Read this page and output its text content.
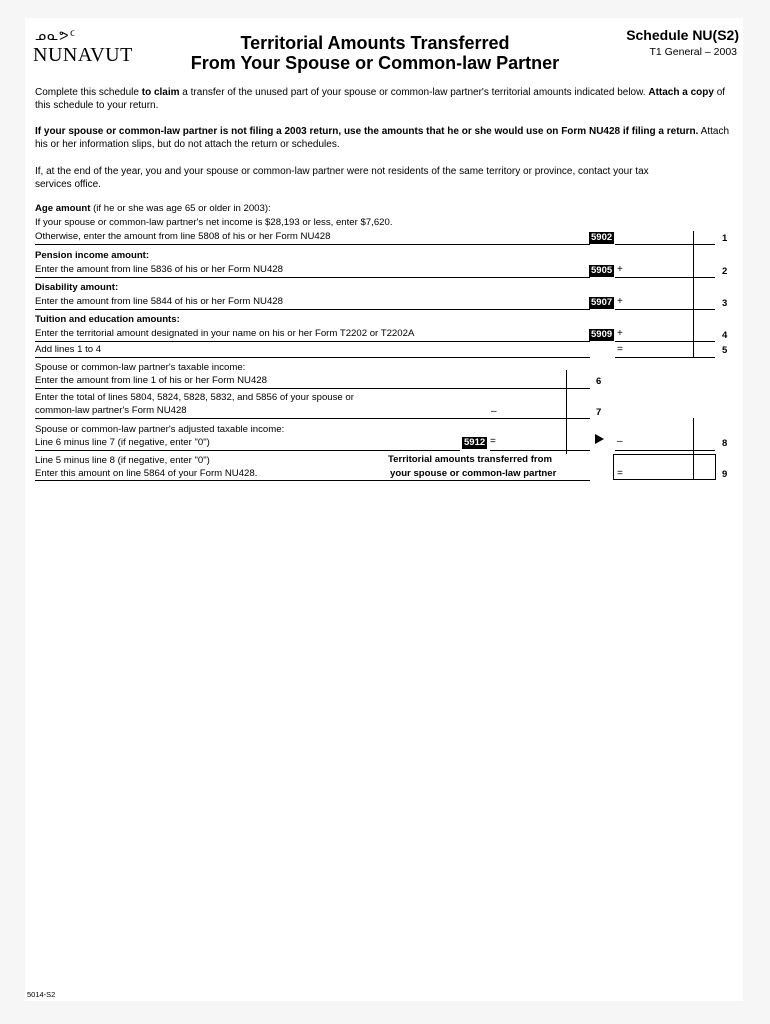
ᓄᓇᕗᑦ
NUNAVUT
Territorial Amounts Transferred
From Your Spouse or Common-law Partner
Schedule NU(S2)
T1 General – 2003
Complete this schedule to claim a transfer of the unused part of your spouse or common-law partner's territorial amounts indicated below. Attach a copy of this schedule to your return.
If your spouse or common-law partner is not filing a 2003 return, use the amounts that he or she would use on Form NU428 if filing a return. Attach his or her information slips, but do not attach the return or schedules.
If, at the end of the year, you and your spouse or common-law partner were not residents of the same territory or province, contact your tax services office.
Age amount (if he or she was age 65 or older in 2003):
If your spouse or common-law partner's net income is $28,193 or less, enter $7,620.
Otherwise, enter the amount from line 5808 of his or her Form NU428	5902	1
Pension income amount:
Enter the amount from line 5836 of his or her Form NU428	5905 +	2
Disability amount:
Enter the amount from line 5844 of his or her Form NU428	5907 +	3
Tuition and education amounts:
Enter the territorial amount designated in your name on his or her Form T2202 or T2202A	5909 +	4
Add lines 1 to 4	=	5
Spouse or common-law partner's taxable income:
Enter the amount from line 1 of his or her Form NU428	6
Enter the total of lines 5804, 5824, 5828, 5832, and 5856 of your spouse or
common-law partner's Form NU428	–	7
Spouse or common-law partner's adjusted taxable income:
Line 6 minus line 7 (if negative, enter "0")	5912 =	–	8
Line 5 minus line 8 (if negative, enter "0")
Enter this amount on line 5864 of your Form NU428.
Territorial amounts transferred from
your spouse or common-law partner	=	9
5014-S2
